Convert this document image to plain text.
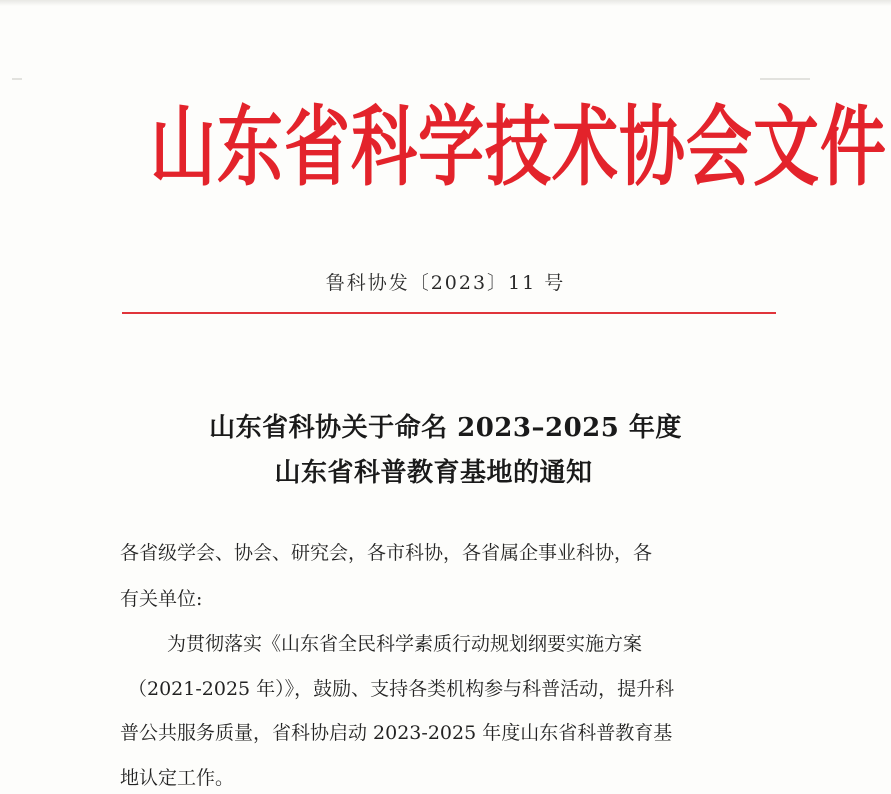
山东省科学技术协会文件
鲁科协发〔2023〕11 号
山东省科协关于命名 2023–2025 年度
山东省科普教育基地的通知
各省级学会、协会、研究会，各市科协，各省属企事业科协，各
有关单位:
为贯彻落实《山东省全民科学素质行动规划纲要实施方案
（2021-2025 年）》，鼓励、支持各类机构参与科普活动，提升科
普公共服务质量，省科协启动 2023-2025 年度山东省科普教育基
地认定工作。
